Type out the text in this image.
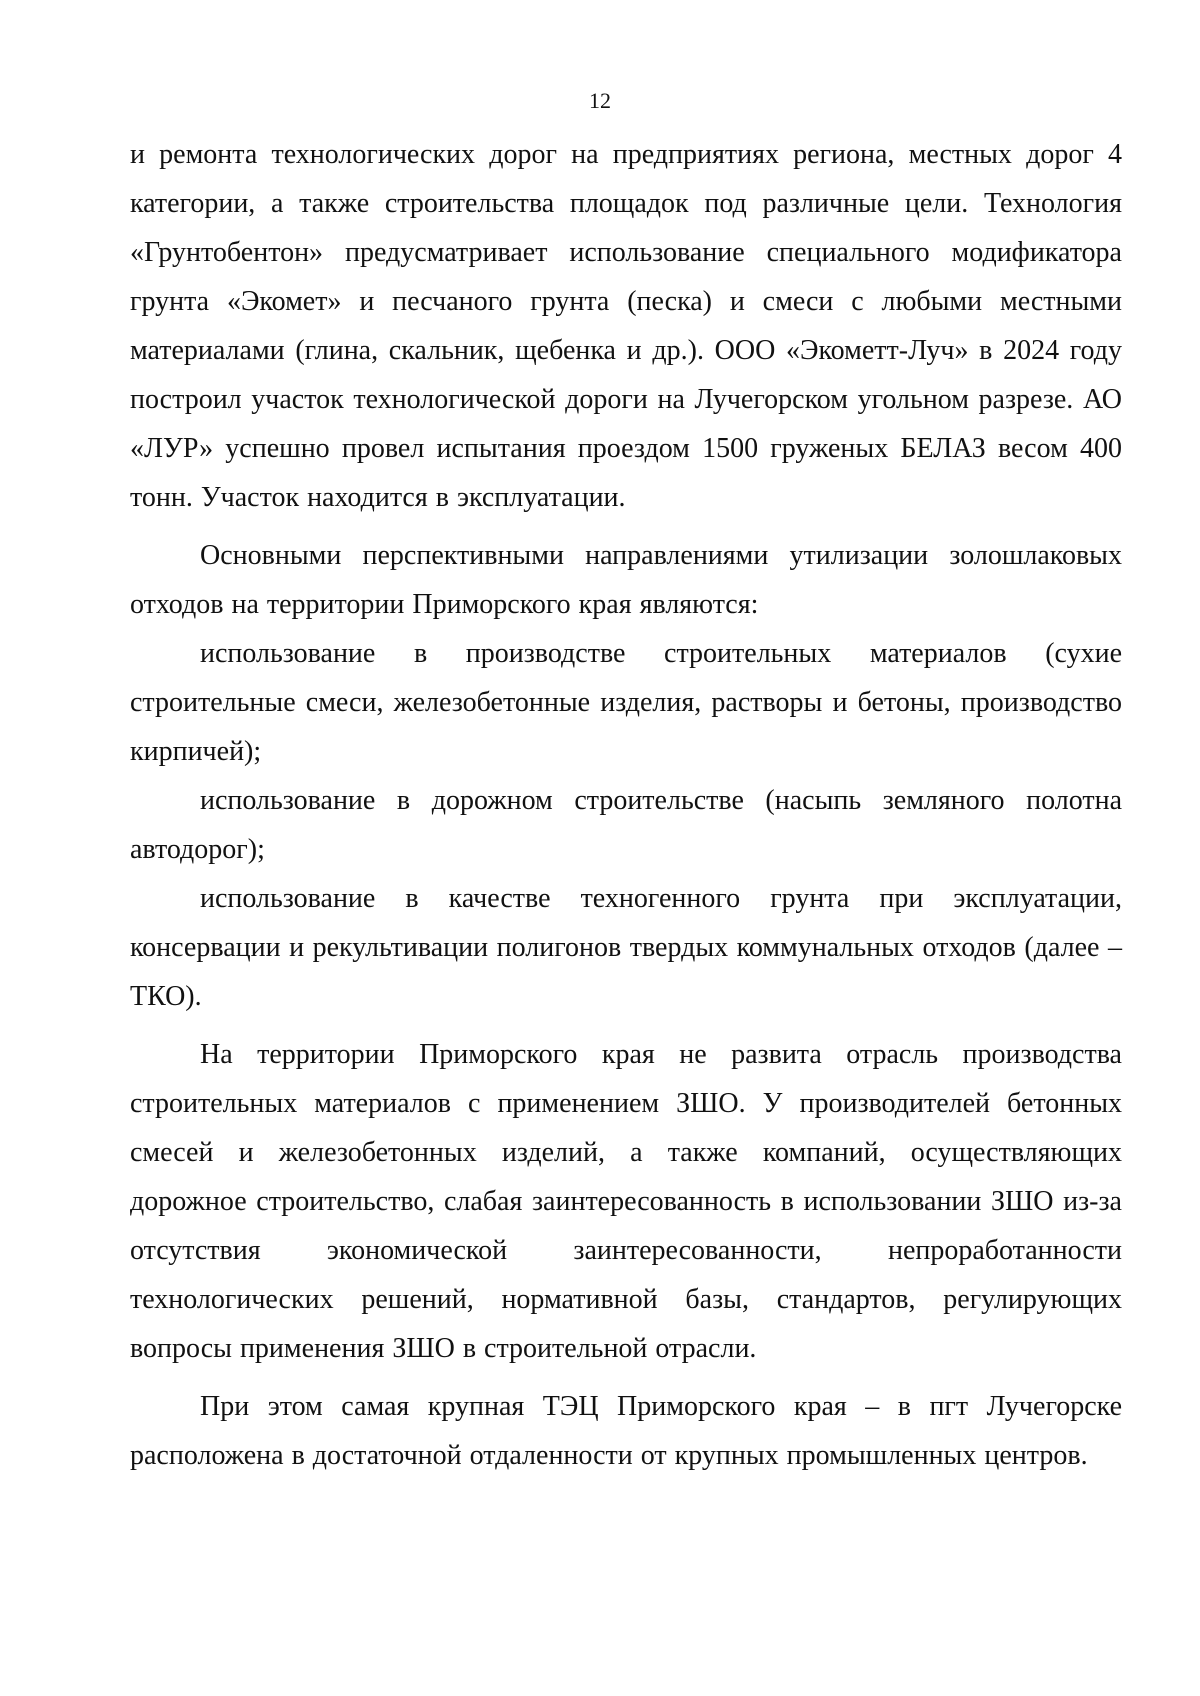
12

и ремонта технологических дорог на предприятиях региона, местных дорог 4 категории, а также строительства площадок под различные цели. Технология «Грунтобентон» предусматривает использование специального модификатора грунта «Экомет» и песчаного грунта (песка) и смеси с любыми местными материалами (глина, скальник, щебенка и др.). ООО «Экометт-Луч» в 2024 году построил участок технологической дороги на Лучегорском угольном разрезе. АО «ЛУР» успешно провел испытания проездом 1500 груженых БЕЛАЗ весом 400 тонн. Участок находится в эксплуатации.

Основными перспективными направлениями утилизации золошлаковых отходов на территории Приморского края являются:

использование в производстве строительных материалов (сухие строительные смеси, железобетонные изделия, растворы и бетоны, производство кирпичей);

использование в дорожном строительстве (насыпь земляного полотна автодорог);

использование в качестве техногенного грунта при эксплуатации, консервации и рекультивации полигонов твердых коммунальных отходов (далее – ТКО).

На территории Приморского края не развита отрасль производства строительных материалов с применением ЗШО. У производителей бетонных смесей и железобетонных изделий, а также компаний, осуществляющих дорожное строительство, слабая заинтересованность в использовании ЗШО из-за отсутствия экономической заинтересованности, непроработанности технологических решений, нормативной базы, стандартов, регулирующих вопросы применения ЗШО в строительной отрасли.

При этом самая крупная ТЭЦ Приморского края – в пгт Лучегорске расположена в достаточной отдаленности от крупных промышленных центров.
